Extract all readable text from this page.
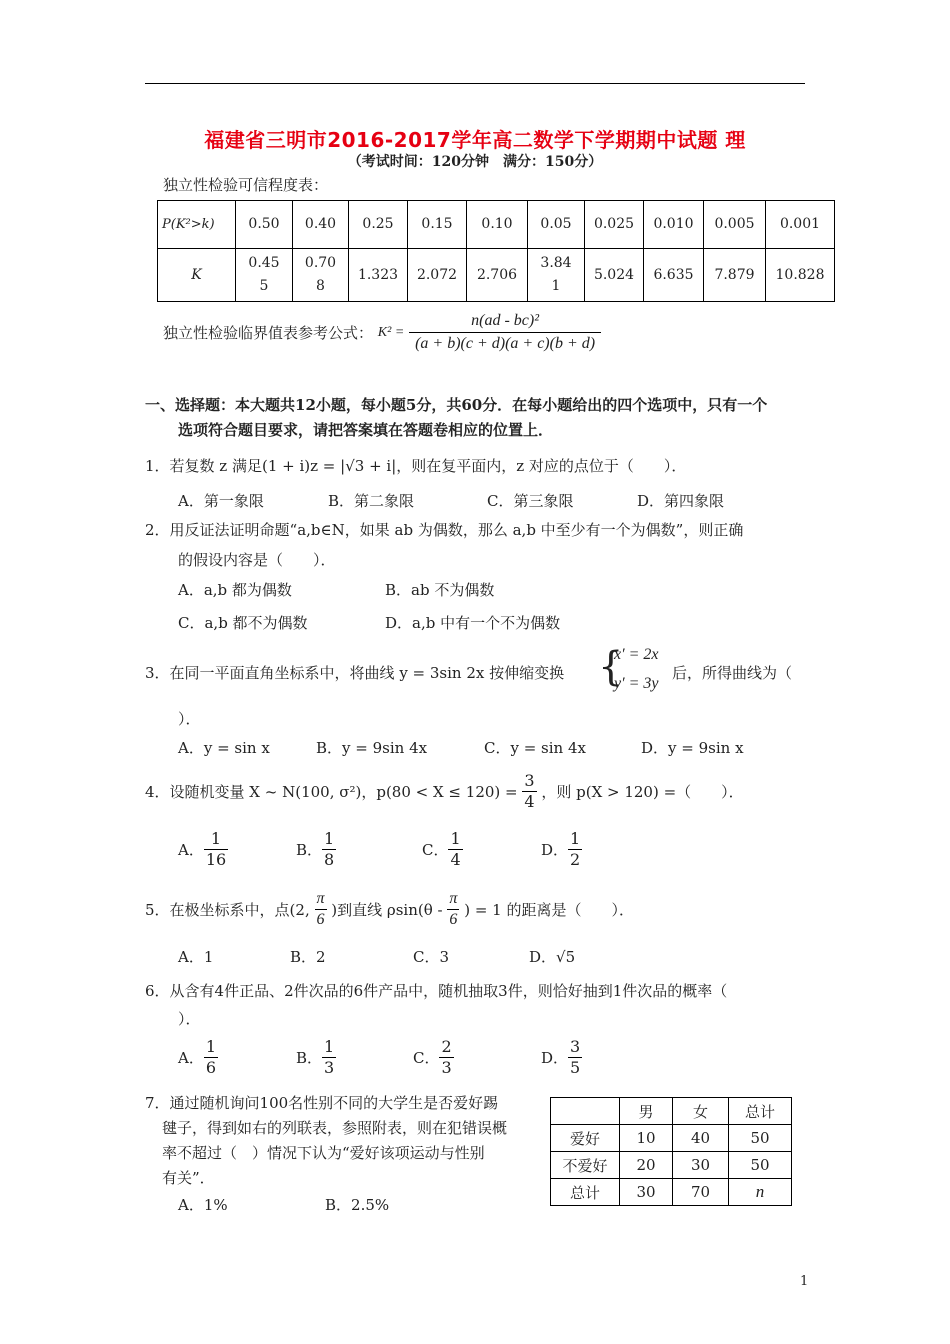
福建省三明市2016-2017学年高二数学下学期期中试题 理
（考试时间：120分钟　满分：150分）
独立性检验可信程度表：
P(K²>k)	0.50	0.40	0.25	0.15	0.10	0.05	0.025	0.010	0.005	0.001
K	0.455	0.708	1.323	2.072	2.706	3.841	5.024	6.635	7.879	10.828
独立性检验临界值表参考公式： $K^2 = \frac{\text{n(ad - bc)²}}{(a + b)(c + d)(a + c)(b + d)}$
一、选择题：本大题共12小题，每小题5分，共60分．在每小题给出的四个选项中，只有一个
选项符合题目要求，请把答案填在答题卷相应的位置上．
1．若复数 z 满足(1 + i)z = |√3 + i|，则在复平面内，z 对应的点位于（　　）．
A．第一象限	B．第二象限	C．第三象限	D．第四象限
2．用反证法证明命题“a,b∈N，如果 ab 为偶数，那么 a,b 中至少有一个为偶数”，则正确
的假设内容是（　　）．
A．a,b 都为偶数	B．ab 不为偶数
C．a,b 都不为偶数	D．a,b 中有一个不为偶数
3．在同一平面直角坐标系中，将曲线 y = 3sin 2x 按伸缩变换 {
x′ = 2x
y′ = 3y
后，所得曲线为（
）．
A．y = sin x	B．y = 9sin 4x	C．y = sin 4x	D．y = 9sin x
4．设随机变量 X ~ N(100, σ²)，$p(80 < X \le 120) = \frac{3}{4}$ ，则 p(X > 120) =（　　）．
A． $\frac{1}{16}$	B． $\frac{1}{8}$	C． $\frac{1}{4}$	D． $\frac{1}{2}$
5．在极坐标系中，点(2, $\frac{\pi}{6}$ )到直线 $\rho\sin(\theta - \frac{\pi}{6}$ ) = 1 的距离是（　　）．
A．1	B．2	C．3	D．√5
6．从含有4件正品、2件次品的6件产品中，随机抽取3件，则恰好抽到1件次品的概率（
）．
A． $\frac{1}{6}$	B． $\frac{1}{3}$	C． $\frac{2}{3}$	D． $\frac{3}{5}$
7．通过随机询问100名性别不同的大学生是否爱好踢
毽子，得到如右的列联表，参照附表，则在犯错误概
率不超过（　）情况下认为“爱好该项运动与性别
有关”．
A．1%	B．2.5%
	男	女	总计
爱好	10	40	50
不爱好	20	30	50
总计	30	70	n
1
